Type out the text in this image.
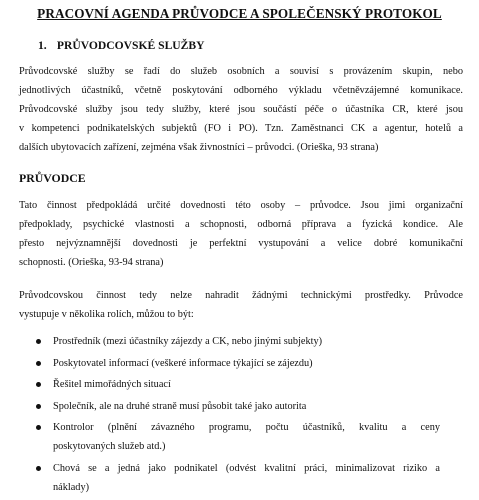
PRACOVNÍ AGENDA PRŮVODCE A SPOLEČENSKÝ PROTOKOL
1. PRŮVODCOVSKÉ SLUŽBY
Průvodcovské služby se řadí do služeb osobních a souvisí s provázením skupin, nebo
jednotlivých účastníků, včetně poskytování odborného výkladu včetněvzájemné komunikace.
Průvodcovské služby jsou tedy služby, které jsou součástí péče o účastníka CR, které jsou
v kompetenci podnikatelských subjektů (FO i PO). Tzn. Zaměstnanci CK a agentur, hotelů a
dalších ubytovacích zařízení, zejména však živnostníci – průvodci. (Orieška, 93 strana)
PRŮVODCE
Tato činnost předpokládá určité dovednosti této osoby – průvodce. Jsou jimi organizační
předpoklady, psychické vlastnosti a schopnosti, odborná příprava a fyzická kondice. Ale
přesto nejvýznamnější dovednosti je perfektní vystupování a velice dobré komunikační
schopnosti. (Orieška, 93-94 strana)
Průvodcovskou činnost tedy nelze nahradit žádnými technickými prostředky. Průvodce
vystupuje v několika rolích, můžou to být:
Prostředník (mezi účastníky zájezdy a CK, nebo jinými subjekty)
Poskytovatel informací (veškeré informace týkající se zájezdu)
Řešitel mimořádných situací
Společník, ale na druhé straně musí působit také jako autorita
Kontrolor (plnění závazného programu, počtu účastníků, kvalitu a ceny
poskytovaných služeb atd.)
Chová se a jedná jako podnikatel (odvést kvalitní práci, minimalizovat riziko a
náklady)
